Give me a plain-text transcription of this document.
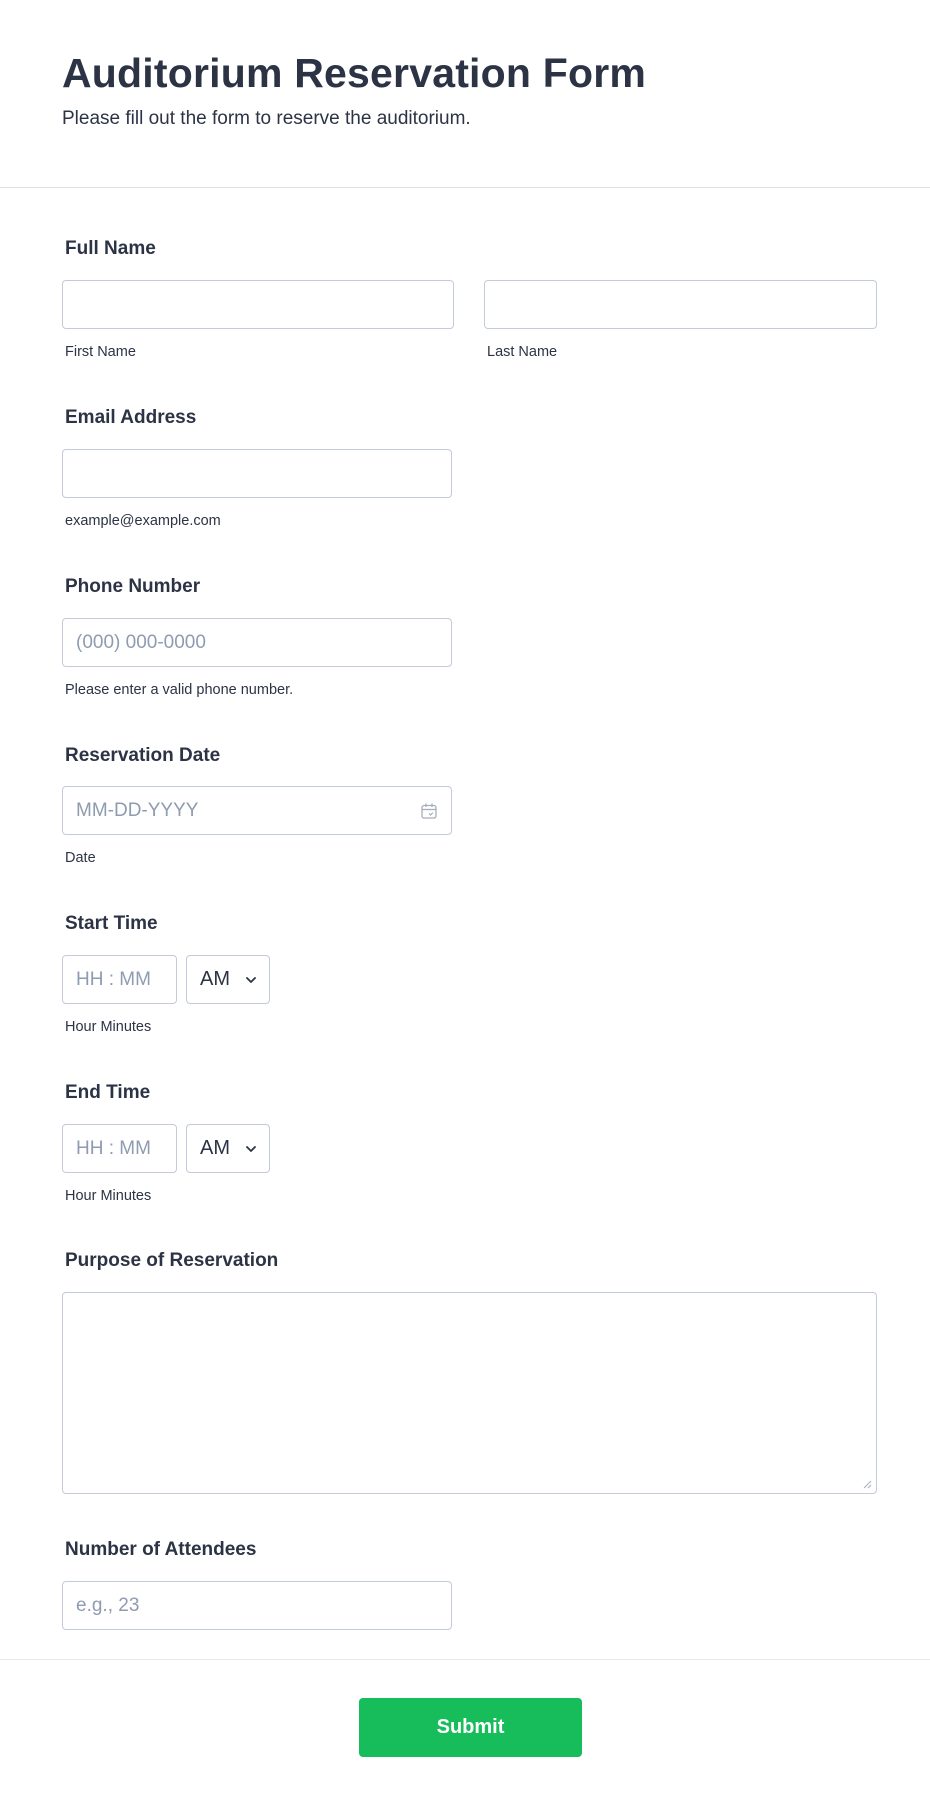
Auditorium Reservation Form
Please fill out the form to reserve the auditorium.
Full Name
First Name	Last Name
Email Address
example@example.com
Phone Number
(000) 000-0000
Please enter a valid phone number.
Reservation Date
MM-DD-YYYY
Date
Start Time
HH : MM	AM
Hour Minutes
End Time
HH : MM	AM
Hour Minutes
Purpose of Reservation
Number of Attendees
e.g., 23
Submit
